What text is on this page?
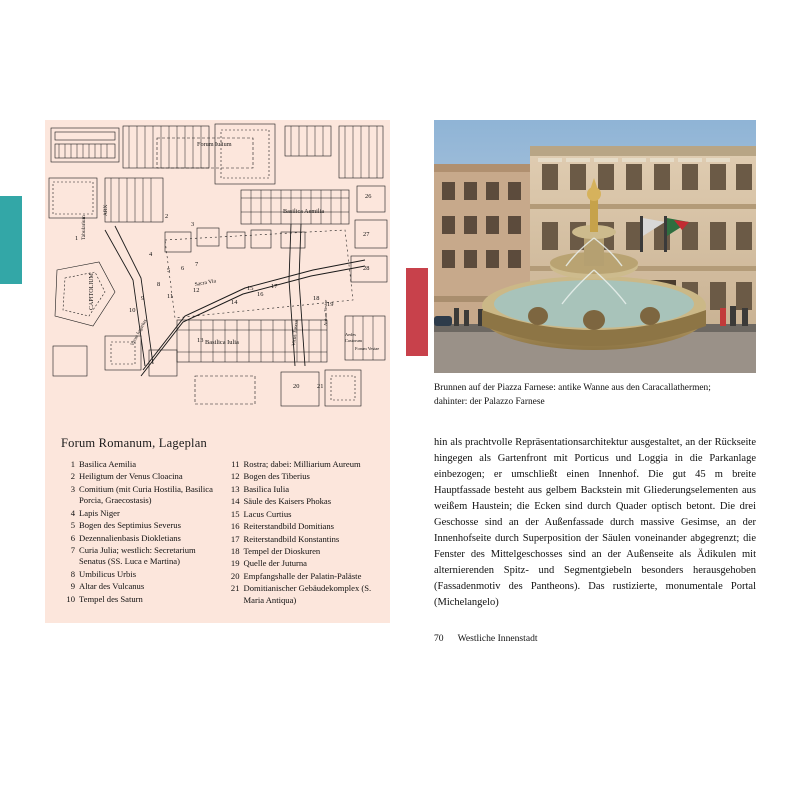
Forum Iulium
Basilica Aemilia
Basilica Iulia
Sacra Via
CAPITOLIUM
Tabularium
ARX
Vicus Iugarius	Vicus Tuscus
Atrium Vestae
Forum Vestae
Aedes
Castorum
1
2
3
4
5 6
7
8
9
10
11
12
13
14
15
16
17
18
19
20	21
26
27
28
Forum Romanum, Lageplan
1 Basilica Aemilia
2 Heiligtum der Venus Cloacina
3 Comitium (mit Curia Hostilia, Basilica Porcia, Graecostasis)
4 Lapis Niger
5 Bogen des Septimius Severus
6 Dezennalienbasis Diokletians
7 Curia Julia; westlich: Secretarium Senatus (SS. Luca e Martina)
8 Umbilicus Urbis
9 Altar des Vulcanus
10 Tempel des Saturn
11 Rostra; dabei: Milliarium Aureum
12 Bogen des Tiberius
13 Basilica Iulia
14 Säule des Kaisers Phokas
15 Lacus Curtius
16 Reiterstandbild Domitians
17 Reiterstandbild Konstantins
18 Tempel der Dioskuren
19 Quelle der Juturna
20 Empfangshalle der Palatin-Paläste
21 Domitianischer Gebäudekomplex (S. Maria Antiqua)
Brunnen auf der Piazza Farnese: antike Wanne aus den Caracallathermen; dahinter: der Palazzo Farnese
hin als prachtvolle Repräsentationsarchitektur ausgestaltet, an der Rückseite hingegen als Gartenfront mit Porticus und Loggia in die Parkanlage einbezogen; er umschließt einen Innenhof. Die gut 45 m breite Hauptfassade besteht aus gelbem Backstein mit Gliederungselementen aus weißem Haustein; die Ecken sind durch Quader optisch betont. Die drei Geschosse sind an der Außenfassade durch massive Gesimse, an der Innenhofseite durch Superposition der Säulen voneinander abgegrenzt; die Fenster des Mittelgeschosses sind an der Außenseite als Ädikulen mit alternierenden Spitz- und Segmentgiebeln besonders herausgehoben (Fassadenmotiv des Pantheons). Das rustizierte, monumentale Portal (Michelangelo)
70 Westliche Innenstadt
